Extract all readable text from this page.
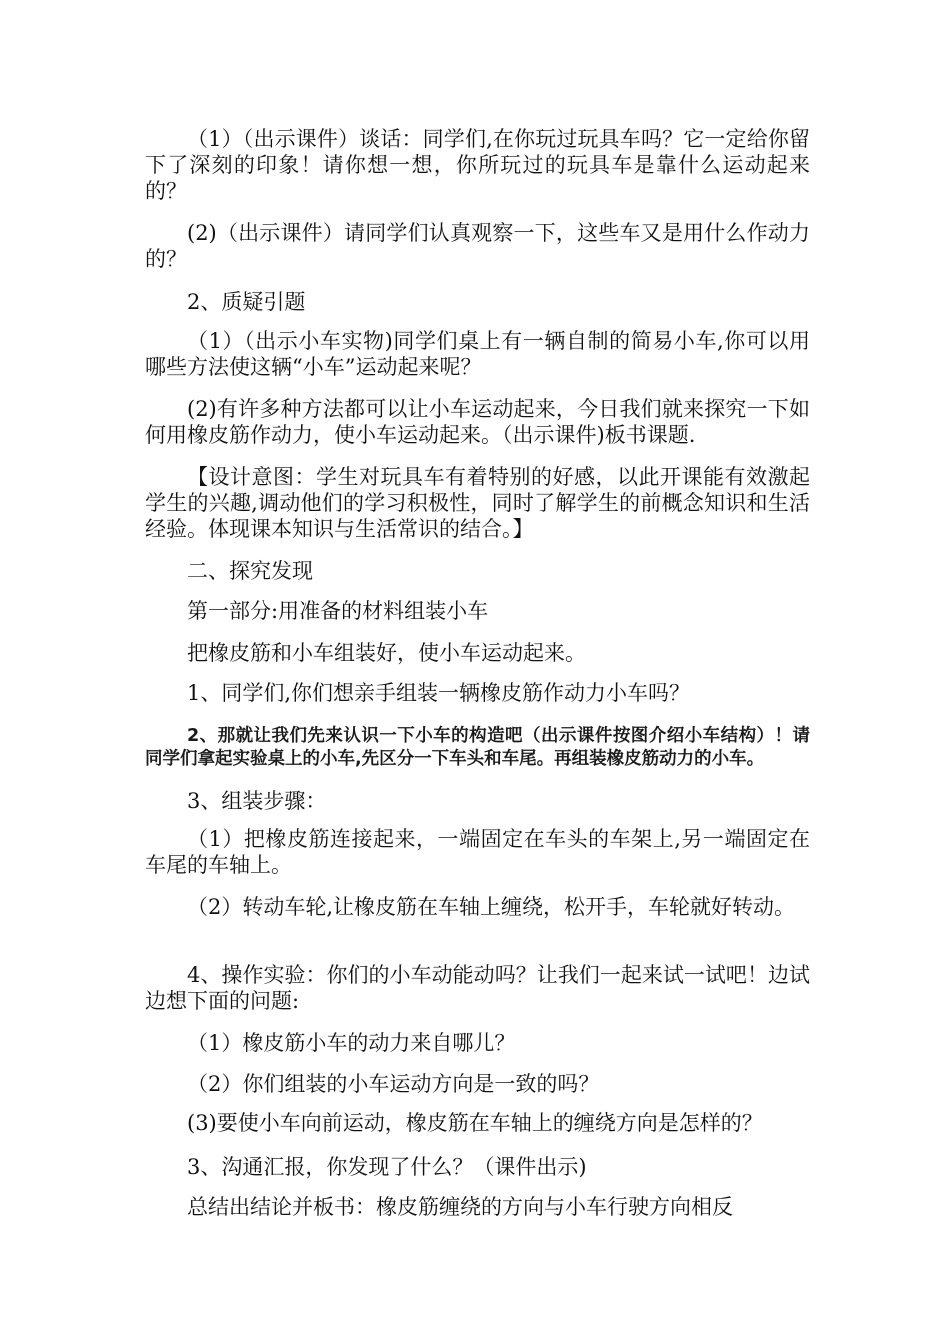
（1）（出示课件）谈话：同学们,在你玩过玩具车吗？它一定给你留下了深刻的印象！请你想一想，你所玩过的玩具车是靠什么运动起来的？

(2)（出示课件）请同学们认真观察一下，这些车又是用什么作动力的？

2、质疑引题

（1）（出示小车实物)同学们桌上有一辆自制的简易小车,你可以用哪些方法使这辆“小车”运动起来呢？

(2)有许多种方法都可以让小车运动起来，今日我们就来探究一下如何用橡皮筋作动力，使小车运动起来。（出示课件)板书课题.

【设计意图：学生对玩具车有着特别的好感，以此开课能有效激起学生的兴趣,调动他们的学习积极性，同时了解学生的前概念知识和生活经验。体现课本知识与生活常识的结合。】

二、探究发现

第一部分:用准备的材料组装小车

把橡皮筋和小车组装好，使小车运动起来。

1、同学们,你们想亲手组装一辆橡皮筋作动力小车吗？

2、那就让我们先来认识一下小车的构造吧（出示课件按图介绍小车结构）！请同学们拿起实验桌上的小车,先区分一下车头和车尾。再组装橡皮筋动力的小车。

3、组装步骤：

（1）把橡皮筋连接起来，一端固定在车头的车架上,另一端固定在车尾的车轴上。

（2）转动车轮,让橡皮筋在车轴上缠绕，松开手，车轮就好转动。

4、操作实验：你们的小车动能动吗？让我们一起来试一试吧！边试边想下面的问题:

（1）橡皮筋小车的动力来自哪儿？

（2）你们组装的小车运动方向是一致的吗？

(3)要使小车向前运动，橡皮筋在车轴上的缠绕方向是怎样的？

3、沟通汇报，你发现了什么？（课件出示)

总结出结论并板书：橡皮筋缠绕的方向与小车行驶方向相反
